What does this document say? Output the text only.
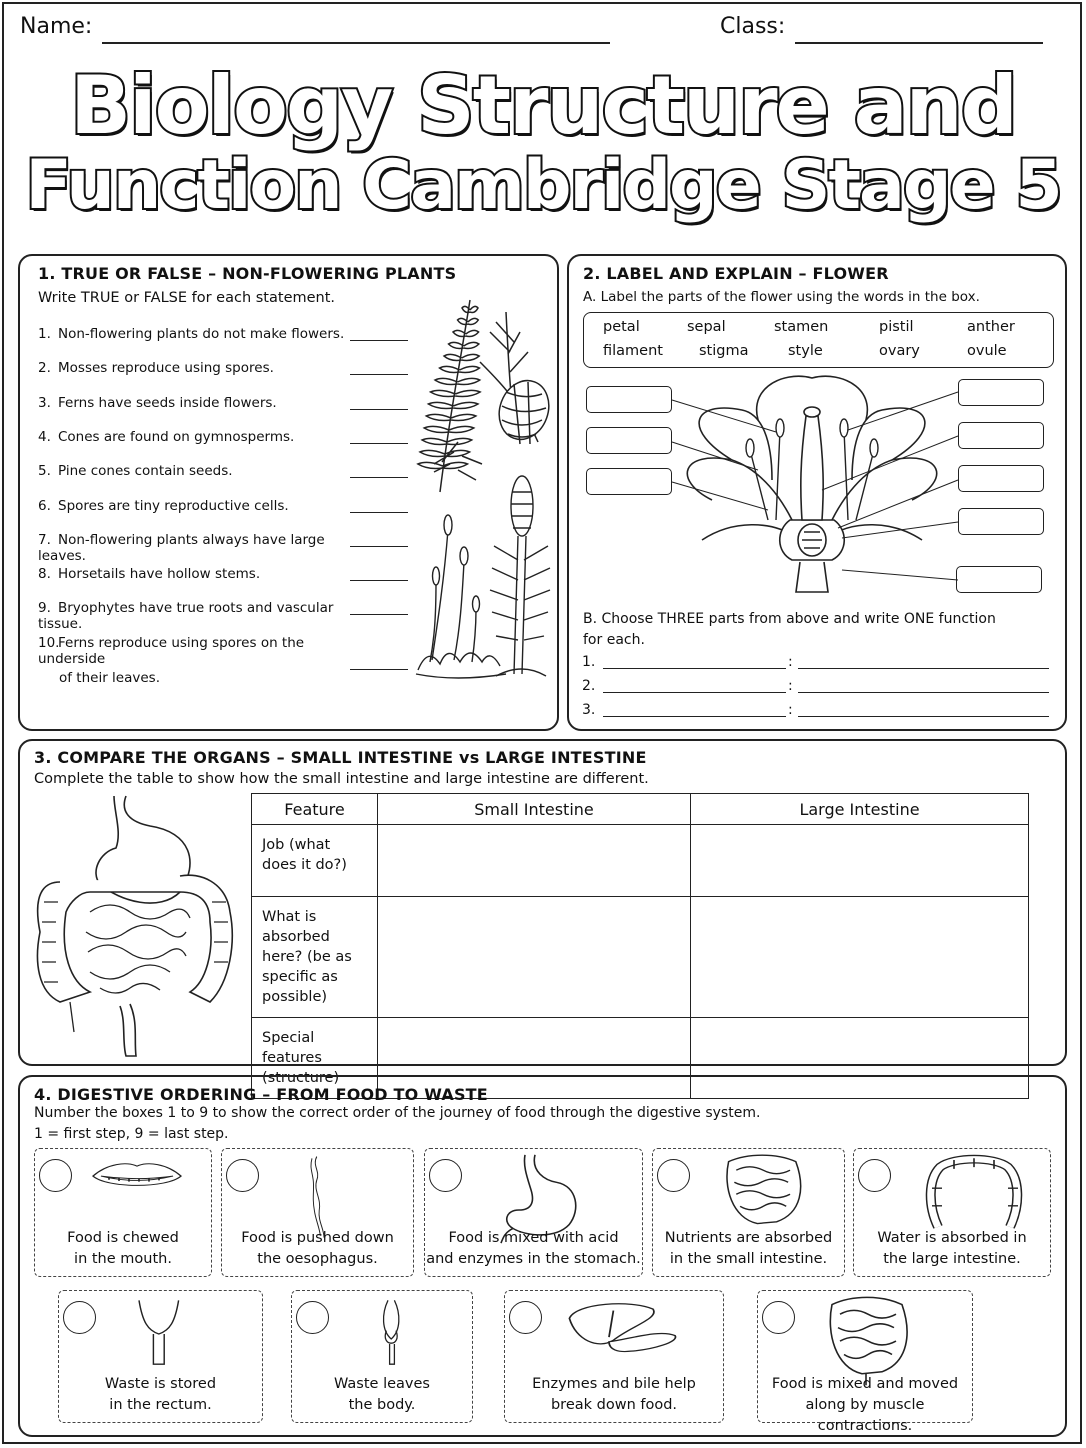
Name:	Class:
Biology Structure and
Function Cambridge Stage 5
1. TRUE OR FALSE – NON-FLOWERING PLANTS
Write TRUE or FALSE for each statement.
1. Non-flowering plants do not make flowers.
2. Mosses reproduce using spores.
3. Ferns have seeds inside flowers.
4. Cones are found on gymnosperms.
5. Pine cones contain seeds.
6. Spores are tiny reproductive cells.
7. Non-flowering plants always have large leaves.
8. Horsetails have hollow stems.
9. Bryophytes have true roots and vascular tissue.
10.Ferns reproduce using spores on the underside
of their leaves.
2. LABEL AND EXPLAIN – FLOWER
A. Label the parts of the flower using the words in the box.
petal	sepal	stamen	pistil	anther
filament stigma	style	ovary	ovule
B. Choose THREE parts from above and write ONE function
for each.
1.	:
2.	:
3.	:
3. COMPARE THE ORGANS – SMALL INTESTINE vs LARGE INTESTINE
Complete the table to show how the small intestine and large intestine are different.
Feature	Small Intestine	Large Intestine
Job (what does it do?)		
What is absorbed here? (be as specific as possible)		
Special features (structure)		
4. DIGESTIVE ORDERING – FROM FOOD TO WASTE
Number the boxes 1 to 9 to show the correct order of the journey of food through the digestive system.
1 = first step, 9 = last step.
Food is chewed
in the mouth.
Food is pushed down
the oesophagus.
Food is mixed with acid
and enzymes in the stomach.
Nutrients are absorbed
in the small intestine.
Water is absorbed in
the large intestine.
Waste is stored
in the rectum.
Waste leaves
the body.
Enzymes and bile help
break down food.
Food is mixed and moved
along by muscle contractions.
